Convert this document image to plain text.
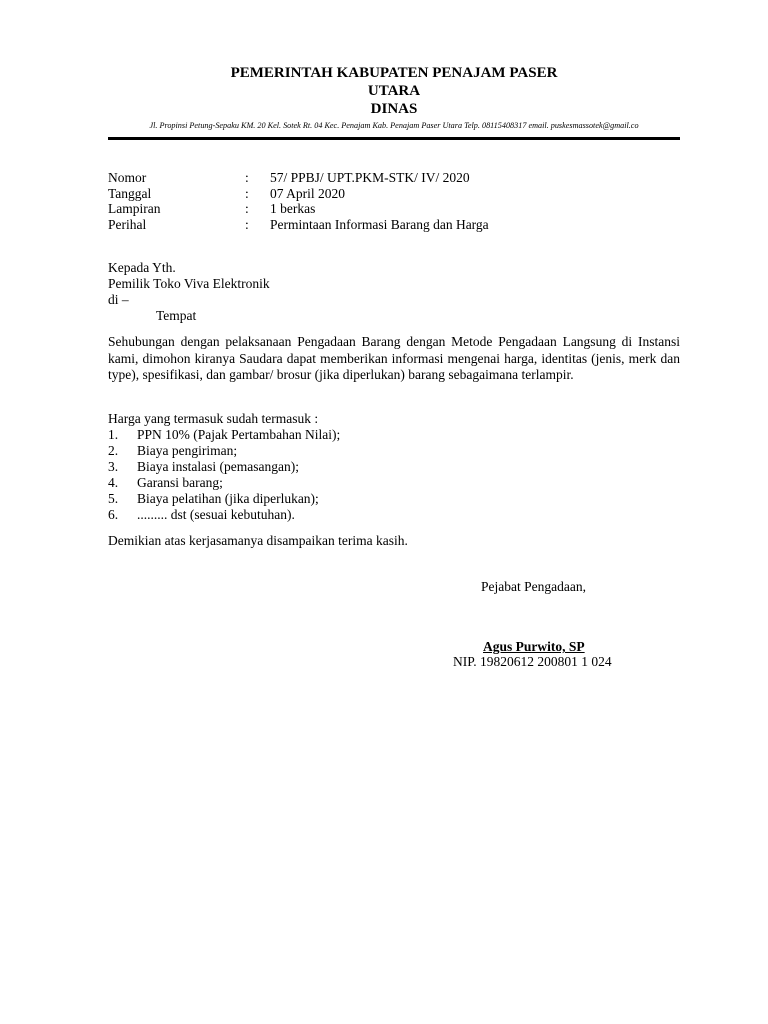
PEMERINTAH KABUPATEN PENAJAM PASER
UTARA
DINAS
Jl. Propinsi Petung-Sepaku KM. 20 Kel. Sotek Rt. 04 Kec. Penajam Kab. Penajam Paser Utara Telp. 08115408317 email. puskesmassotek@gmail.co
Nomor	:	57/ PPBJ/ UPT.PKM-STK/ IV/ 2020
Tanggal	:	07 April 2020
Lampiran	:	1 berkas
Perihal	:	Permintaan Informasi Barang dan Harga
Kepada Yth.
Pemilik Toko Viva Elektronik
di –
Tempat
Sehubungan dengan pelaksanaan Pengadaan Barang dengan Metode Pengadaan Langsung di Instansi kami, dimohon kiranya Saudara dapat memberikan informasi mengenai harga, identitas (jenis, merk dan type), spesifikasi, dan gambar/ brosur (jika diperlukan) barang sebagaimana terlampir.
Harga yang termasuk sudah termasuk :
1.	PPN 10% (Pajak Pertambahan Nilai);
2.	Biaya pengiriman;
3.	Biaya instalasi (pemasangan);
4.	Garansi barang;
5.	Biaya pelatihan (jika diperlukan);
6.	......... dst (sesuai kebutuhan).
Demikian atas kerjasamanya disampaikan terima kasih.
Pejabat Pengadaan,
Agus Purwito, SP
NIP. 19820612 200801 1 024
